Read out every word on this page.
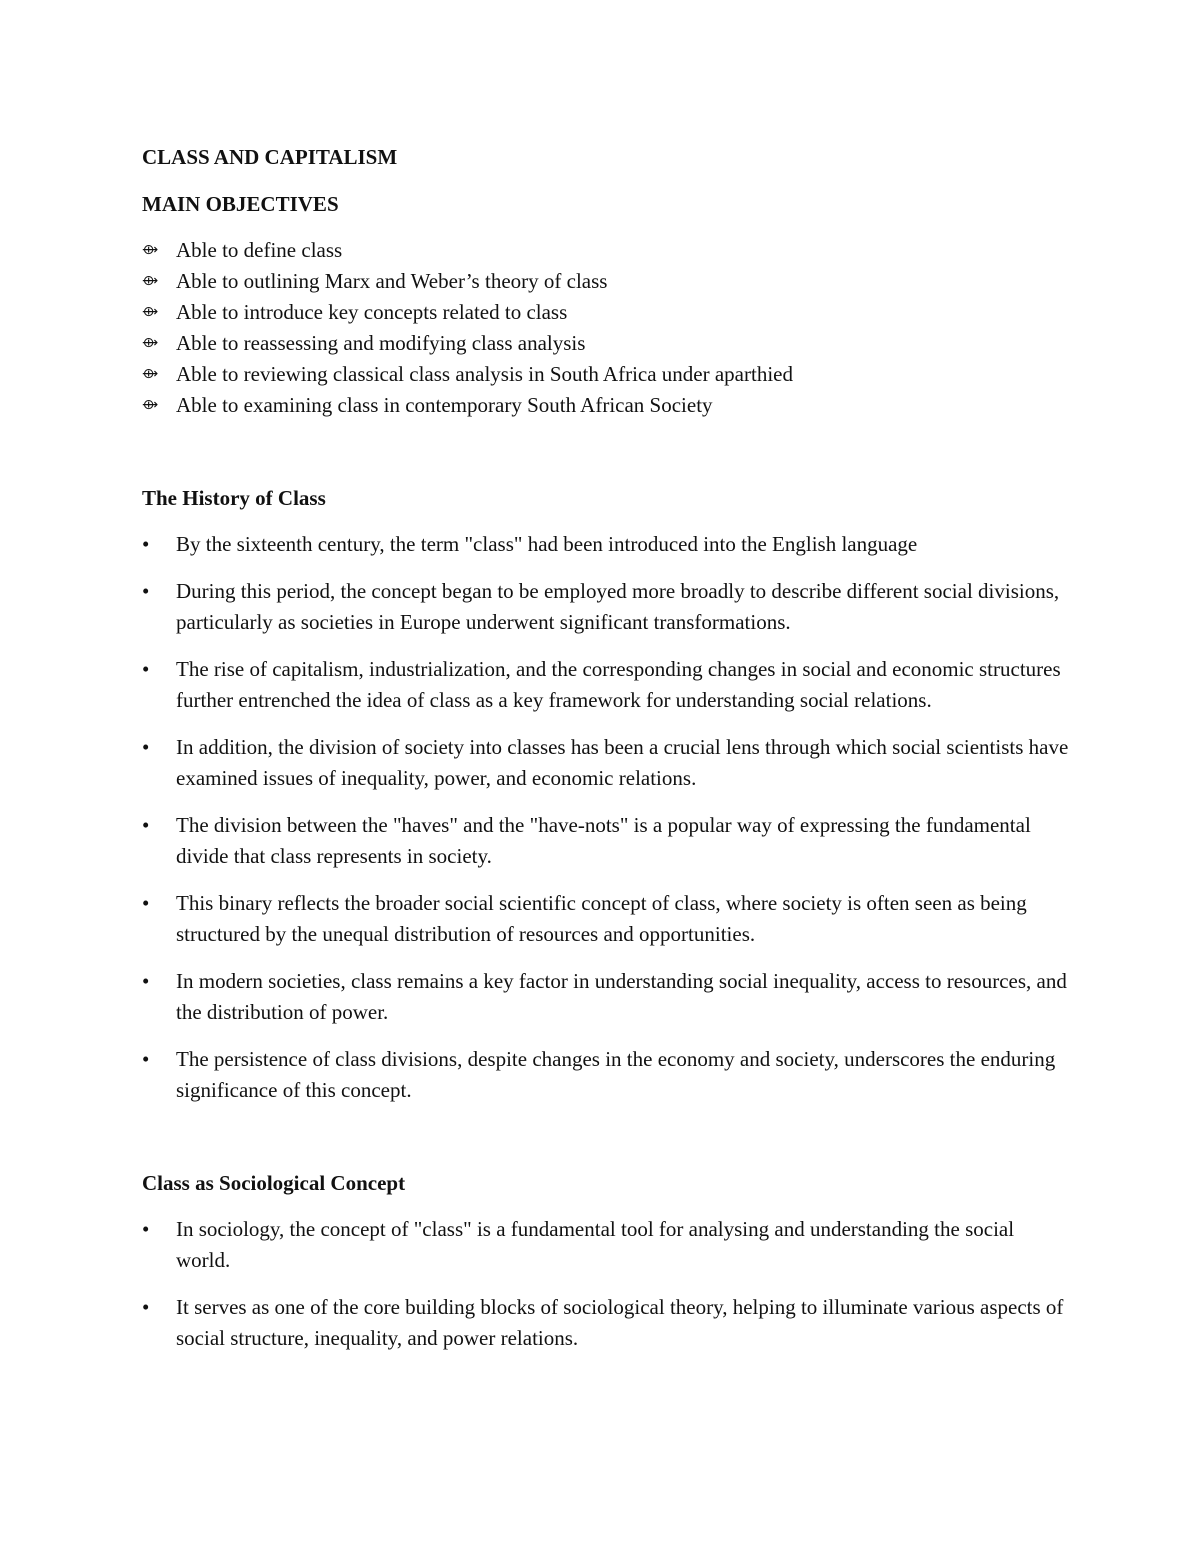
CLASS AND CAPITALISM
MAIN OBJECTIVES
⟴ Able to define class
⟴ Able to outlining Marx and Weber’s theory of class
⟴ Able to introduce key concepts related to class
⟴ Able to reassessing and modifying class analysis
⟴ Able to reviewing classical class analysis in South Africa under aparthied
⟴ Able to examining class in contemporary South African Society
The History of Class
• By the sixteenth century, the term "class" had been introduced into the English language
• During this period, the concept began to be employed more broadly to describe different social divisions, particularly as societies in Europe underwent significant transformations.
• The rise of capitalism, industrialization, and the corresponding changes in social and economic structures further entrenched the idea of class as a key framework for understanding social relations.
• In addition, the division of society into classes has been a crucial lens through which social scientists have examined issues of inequality, power, and economic relations.
• The division between the "haves" and the "have-nots" is a popular way of expressing the fundamental divide that class represents in society.
• This binary reflects the broader social scientific concept of class, where society is often seen as being structured by the unequal distribution of resources and opportunities.
• In modern societies, class remains a key factor in understanding social inequality, access to resources, and the distribution of power.
• The persistence of class divisions, despite changes in the economy and society, underscores the enduring significance of this concept.
Class as Sociological Concept
• In sociology, the concept of "class" is a fundamental tool for analysing and understanding the social world.
• It serves as one of the core building blocks of sociological theory, helping to illuminate various aspects of social structure, inequality, and power relations.
